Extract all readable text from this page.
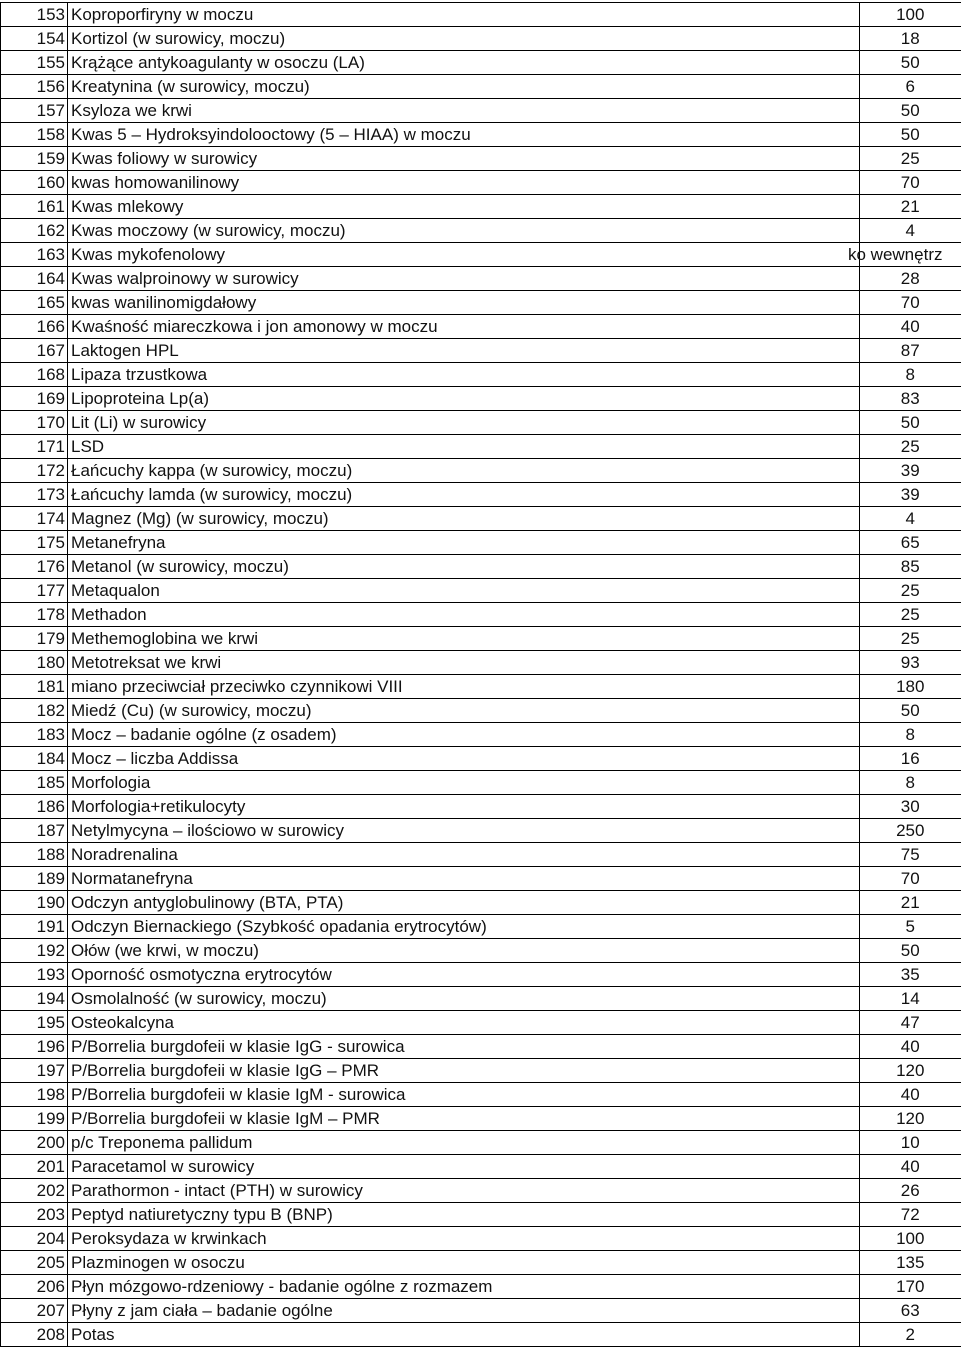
153	Koproporfiryny w moczu	100
154	Kortizol (w surowicy, moczu)	18
155	Krążące antykoagulanty w osoczu (LA)	50
156	Kreatynina (w surowicy, moczu)	6
157	Ksyloza we krwi	50
158	Kwas 5 – Hydroksyindolooctowy (5 – HIAA) w moczu	50
159	Kwas foliowy w surowicy	25
160	kwas homowanilinowy	70
161	Kwas mlekowy	21
162	Kwas moczowy (w surowicy, moczu)	4
163	Kwas mykofenolowy	ko wewnętrz
164	Kwas walproinowy w surowicy	28
165	kwas wanilinomigdałowy	70
166	Kwaśność miareczkowa i jon amonowy w moczu	40
167	Laktogen HPL	87
168	Lipaza trzustkowa	8
169	Lipoproteina Lp(a)	83
170	Lit (Li) w surowicy	50
171	LSD	25
172	Łańcuchy kappa (w surowicy, moczu)	39
173	Łańcuchy lamda (w surowicy, moczu)	39
174	Magnez (Mg) (w surowicy, moczu)	4
175	Metanefryna	65
176	Metanol (w surowicy, moczu)	85
177	Metaqualon	25
178	Methadon	25
179	Methemoglobina we krwi	25
180	Metotreksat we krwi	93
181	miano przeciwciał przeciwko czynnikowi VIII	180
182	Miedź (Cu) (w surowicy, moczu)	50
183	Mocz – badanie ogólne (z osadem)	8
184	Mocz – liczba Addissa	16
185	Morfologia	8
186	Morfologia+retikulocyty	30
187	Netylmycyna – ilościowo w surowicy	250
188	Noradrenalina	75
189	Normatanefryna	70
190	Odczyn antyglobulinowy (BTA, PTA)	21
191	Odczyn Biernackiego (Szybkość opadania erytrocytów)	5
192	Ołów (we krwi, w moczu)	50
193	Oporność osmotyczna erytrocytów	35
194	Osmolalność (w surowicy, moczu)	14
195	Osteokalcyna	47
196	P/Borrelia burgdofeii w klasie IgG - surowica	40
197	P/Borrelia burgdofeii w klasie IgG – PMR	120
198	P/Borrelia burgdofeii w klasie IgM - surowica	40
199	P/Borrelia burgdofeii w klasie IgM – PMR	120
200	p/c Treponema pallidum	10
201	Paracetamol w surowicy	40
202	Parathormon - intact (PTH) w surowicy	26
203	Peptyd natiuretyczny typu B (BNP)	72
204	Peroksydaza w krwinkach	100
205	Plazminogen w osoczu	135
206	Płyn mózgowo-rdzeniowy - badanie ogólne z rozmazem	170
207	Płyny z jam ciała – badanie ogólne	63
208	Potas	2
